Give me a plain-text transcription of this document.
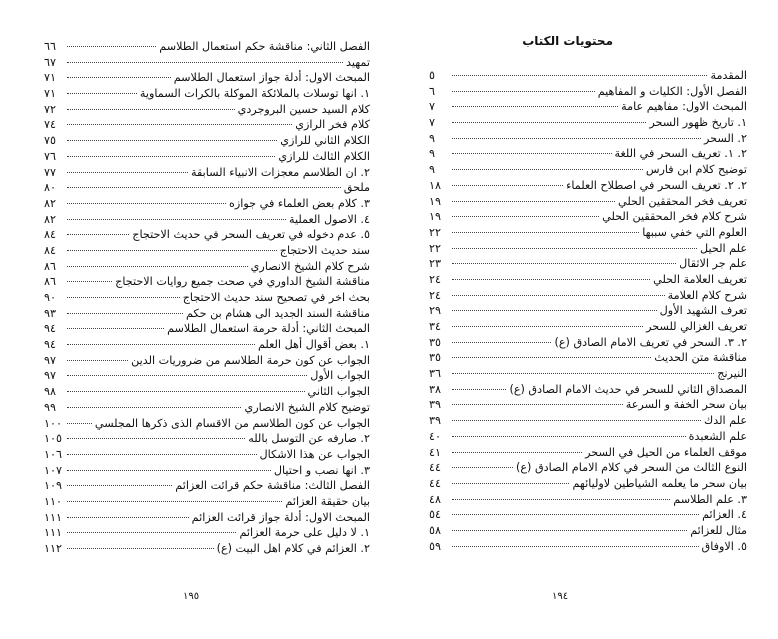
الفصل الثاني: مناقشة حكم استعمال الطلاسم
٦٦
تمهيد
٦٧
المبحث الاول: أدلة جواز استعمال الطلاسم
٧١
١. انها توسلات بالملائكة الموكلة بالكرات السماوية
٧١
كلام السيد حسين البروجردي
٧٢
كلام فخر الرازي
٧٤
الكلام الثاني للرازي
٧٥
الكلام الثالث للرازي
٧٦
٢. ان الطلاسم معجزات الانبياء السابقة
٧٧
ملحق
٨٠
٣. كلام بعض العلماء في جوازه
٨٢
٤. الاصول العملية
٨٢
٥. عدم دخوله في تعريف السحر في حديث الاحتجاج
٨٤
سند حديث الاحتجاج
٨٤
شرح كلام الشيخ الانصاري
٨٦
مناقشة الشيخ الداوري في صحت جميع روايات الاحتجاج
٨٦
بحث اخر في تصحيح سند حديث الاحتجاج
٩٠
مناقشة السند الجديد الى هشام بن حكم
٩٣
المبحث الثاني: أدلة حرمة استعمال الطلاسم
٩٤
١. بعض أقوال أهل العلم
٩٤
الجواب عن كون حرمة الطلاسم من ضروريات الدين
٩٧
الجواب الأول
٩٧
الجواب الثاني
٩٨
توضيح كلام الشيخ الانصاري
٩٩
الجواب عن كون الطلاسم من الاقسام الذى ذكرها المجلسي
١٠٠
٢. صارفه عن التوسل بالله
١٠٥
الجواب عن هذا الاشكال
١٠٦
٣. انها نصب و احتيال
١٠٧
الفصل الثالث: مناقشة حكم قرائت العزائم
١٠٩
بيان حقيقة العزائم
١١٠
المبحث الاول: أدلة جواز قرائت العزائم
١١١
١. لا دليل على حرمة العزائم
١١١
٢. العزائم في كلام اهل البيت (ع)
١١٢
١٩٥
محتويات الكتاب
المقدمة
٥
الفصل الأول: الكليات و المفاهيم
٦
المبحث الاول: مفاهيم عامة
٧
١. تاريخ ظهور السحر
٧
٢. السحر
٩
٢. ١. تعريف السحر في اللغة
٩
توضيح كلام ابن فارس
٩
٢. ٢. تعريف السحر في اصطلاح العلماء
١٨
تعريف فخر المحققين الحلي
١٩
شرح كلام فخر المحققين الحلي
١٩
العلوم التي خفي سببها
٢٢
علم الحيل
٢٢
علم جر الاثقال
٢٣
تعريف العلامة الحلي
٢٤
شرح كلام العلامة
٢٤
تعرف الشهيد الأول
٢٩
تعريف الغزالي للسحر
٣٤
٢. ٣. السحر في تعريف الامام الصادق (ع)
٣٥
مناقشة متن الحديث
٣٥
النيرنج
٣٦
المصداق الثاني للسحر في حديث الامام الصادق (ع)
٣٨
بيان سحر الخفة و السرعة
٣٩
علم الدك
٣٩
علم الشعبدة
٤٠
موقف العلماء من الحيل في السحر
٤١
النوع الثالث من السحر في كلام الامام الصادق (ع)
٤٤
بيان سحر ما يعلمه الشياطين لاوليائهم
٤٤
٣. علم الطلاسم
٤٨
٤. العزائم
٥٤
مثال للعزائم
٥٨
٥. الاوفاق
٥٩
١٩٤
